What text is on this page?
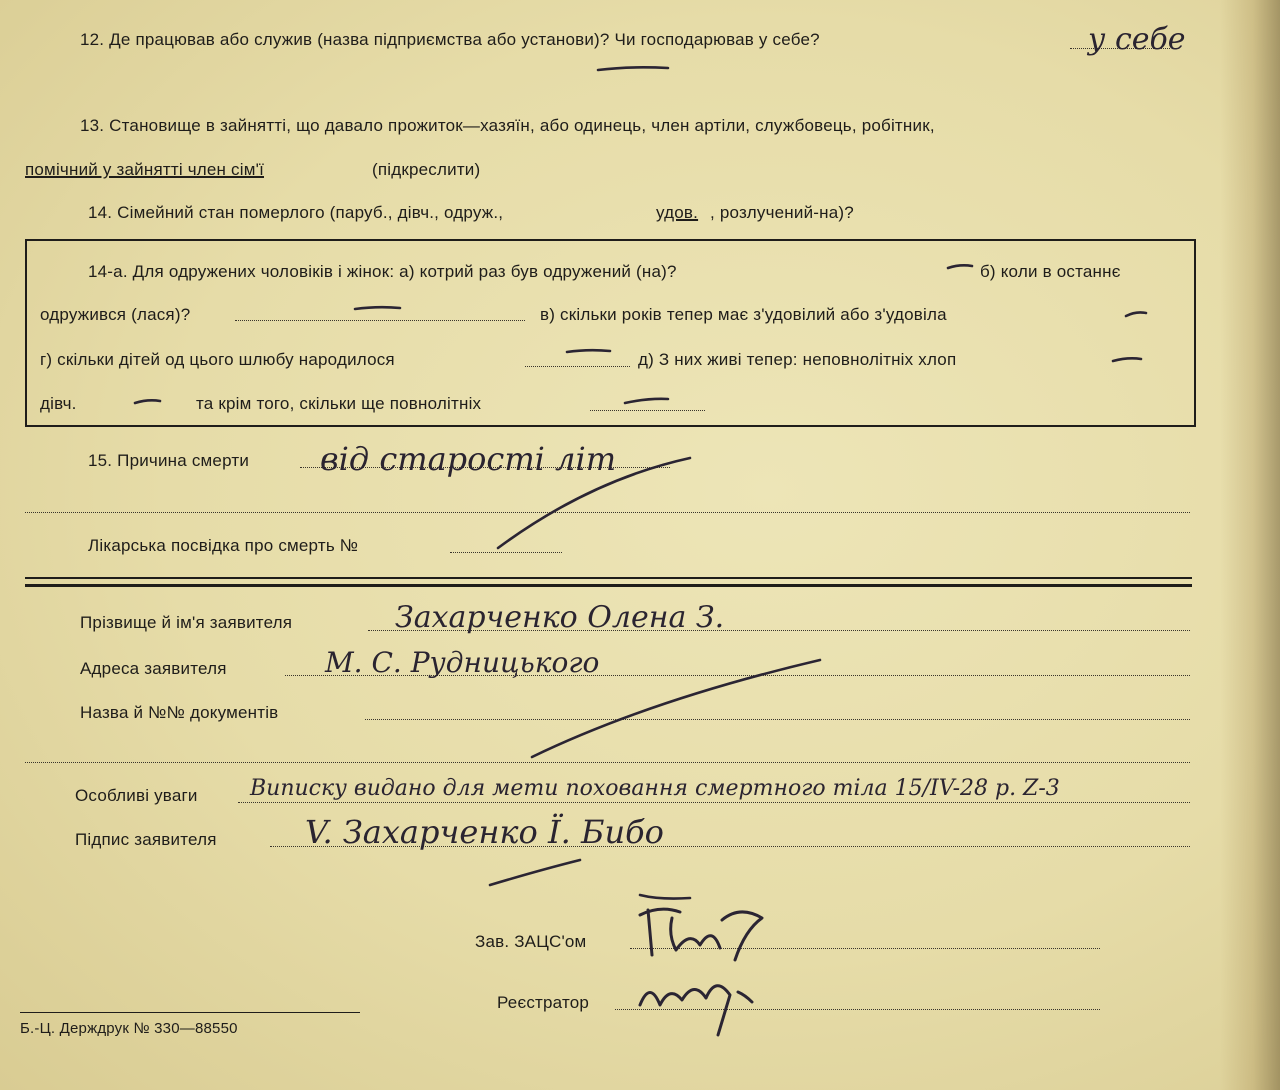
12. Де працював або служив (назва підприємства або установи)? Чи господарював у себе?	у себе
13. Становище в зайнятті, що давало прожиток—хазяїн, або одинець, член артіли, службовець, робітник,
помічний у зайнятті член сім'ї	(підкреслити)
14. Сімейний стан померлого (паруб., дівч., одруж.,	удов. , розлучений-на)?
14-а. Для одружених чоловіків і жінок: а) котрий раз був одружений (на)?	б) коли в останнє
одружився (лася)?	в) скільки років тепер має з'удовілий або з'удовіла
г) скільки дітей од цього шлюбу народилося	д) З них живі тепер: неповнолітніх хлоп
дівч.	та крім того, скільки ще повнолітніх
15. Причина смерти від старості літ
Лікарська посвідка про смерть №
Прізвище й ім'я заявителя	Захарченко Олена З.
Адреса заявителя	М. С. Рудницького
Назва й №№ документів
Особливі уваги Виписку видано для мети поховання смертного тіла 15/IV-28 р. Z-3
Підпис заявителя	V. Захарченко Ї. Бибо
Зав. ЗАЦС'ом
Реєстратор
Б.-Ц. Держдрук № 330—88550
